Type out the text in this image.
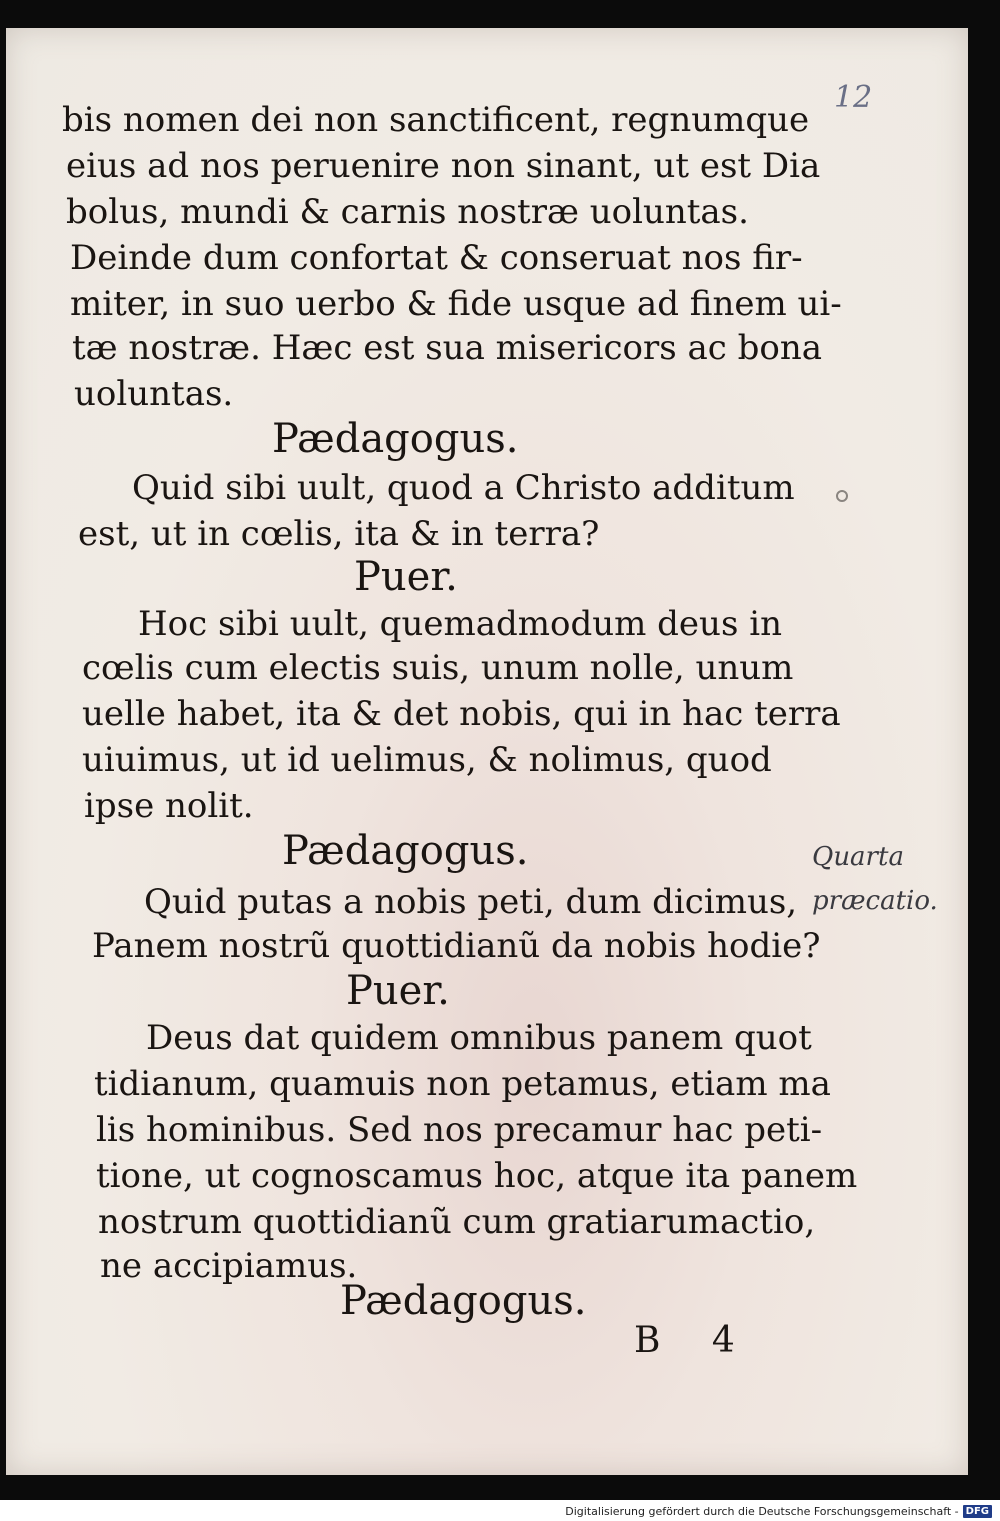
12
bis nomen dei non sanctificent, regnumque
eius ad nos peruenire non sinant, ut est Dia
bolus, mundi & carnis nostræ uoluntas.
Deinde dum confortat & conseruat nos fir-
miter, in suo uerbo & fide usque ad finem ui-
tæ nostræ. Hæc est sua misericors ac bona
uoluntas.
Pædagogus.
Quid sibi uult, quod a Christo additum
est, ut in cœlis, ita & in terra?
Puer.
Hoc sibi uult, quemadmodum deus in
cœlis cum electis suis, unum nolle, unum
uelle habet, ita & det nobis, qui in hac terra
uiuimus, ut id uelimus, & nolimus, quod
ipse nolit.
Pædagogus.
Quid putas a nobis peti, dum dicimus,
Panem nostrũ quottidianũ da nobis hodie?
Puer.
Deus dat quidem omnibus panem quot
tidianum, quamuis non petamus, etiam ma
lis hominibus. Sed nos precamur hac peti-
tione, ut cognoscamus hoc, atque ita panem
nostrum quottidianũ cum gratiarumactio,
ne accipiamus.
Pædagogus.
Quarta
præcatio.
B 4
Digitalisierung gefördert durch die Deutsche Forschungsgemeinschaft - DFG
